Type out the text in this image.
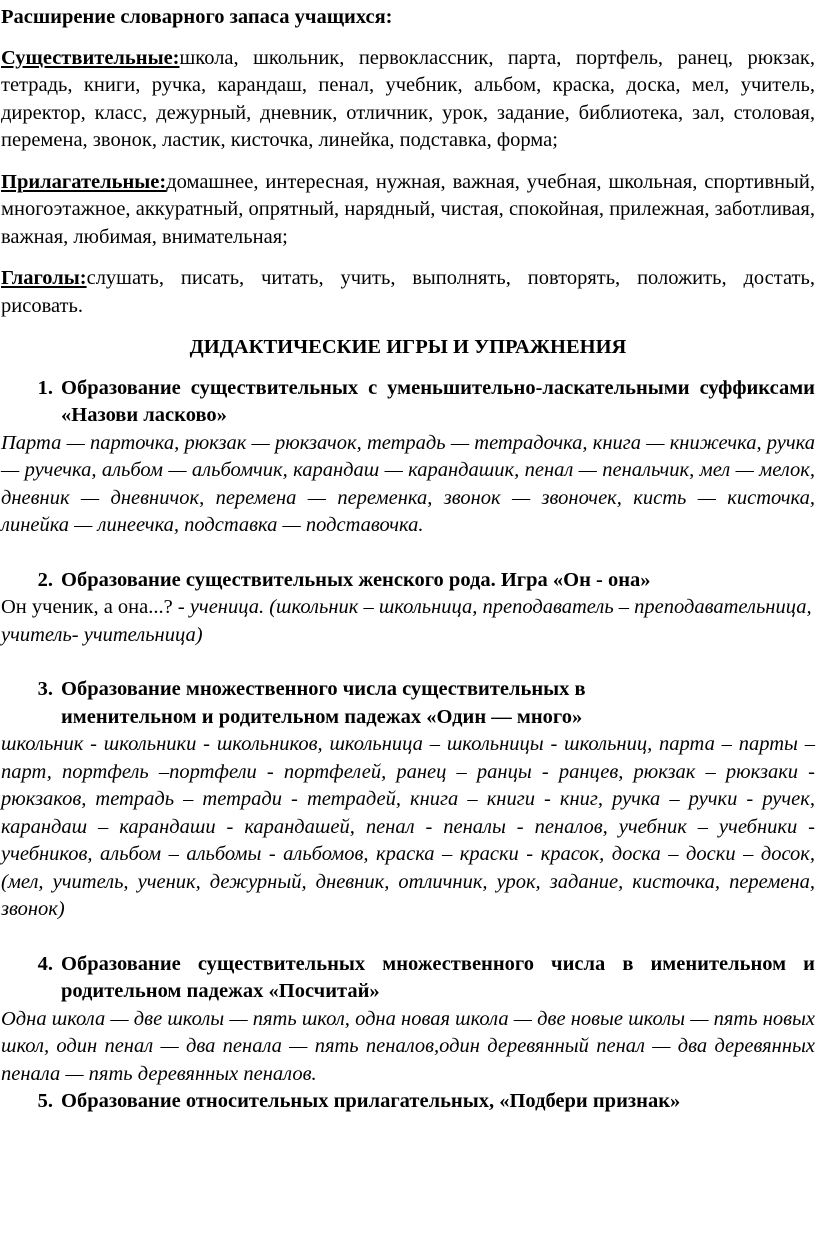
Расширение словарного запаса учащихся:

Существительные:школа, школьник, первоклассник, парта, портфель, ранец, рюкзак, тетрадь, книги, ручка, карандаш, пенал, учебник, альбом, краска, доска, мел, учитель, директор, класс, дежурный, дневник, отличник, урок, задание, библиотека, зал, столовая, перемена, звонок, ластик, кисточка, линейка, подставка, форма;

Прилагательные:домашнее, интересная, нужная, важная, учебная, школьная, спортивный, многоэтажное, аккуратный, опрятный, нарядный, чистая, спокойная, прилежная, заботливая, важная, любимая, внимательная;

Глаголы:слушать, писать, читать, учить, выполнять, повторять, положить, достать, рисовать.

ДИДАКТИЧЕСКИЕ ИГРЫ И УПРАЖНЕНИЯ

1. Образование существительных с уменьшительно-ласкательными суффиксами «Назови ласково»

Парта — парточка, рюкзак — рюкзачок, тетрадь — тетрадочка, книга — книжечка, ручка — ручечка, альбом — альбомчик, карандаш — карандашик, пенал — пенальчик, мел — мелок, дневник — дневничок, перемена — переменка, звонок — звоночек, кисть — кисточка, линейка — линеечка, подставка — подставочка.

2. Образование существительных женского рода. Игра «Он - она»

Он ученик, а она...? - ученица. (школьник – школьница, преподаватель – преподавательница, учитель- учительница)

3. Образование множественного числа существительных в именительном и родительном падежах «Один — много»

школьник - школьники - школьников, школьница – школьницы - школьниц, парта – парты – парт, портфель –портфели - портфелей, ранец – ранцы - ранцев, рюкзак – рюкзаки - рюкзаков, тетрадь – тетради - тетрадей, книга – книги - книг, ручка – ручки - ручек, карандаш – карандаши - карандашей, пенал - пеналы - пеналов, учебник – учебники - учебников, альбом – альбомы - альбомов, краска – краски - красок, доска – доски – досок, (мел, учитель, ученик, дежурный, дневник, отличник, урок, задание, кисточка, перемена, звонок)

4. Образование существительных множественного числа в именительном и родительном падежах «Посчитай»

Одна школа — две школы — пять школ, одна новая школа — две новые школы — пять новых школ, один пенал — два пенала — пять пеналов,один деревянный пенал — два деревянных пенала — пять деревянных пеналов.

5. Образование относительных прилагательных, «Подбери признак»
